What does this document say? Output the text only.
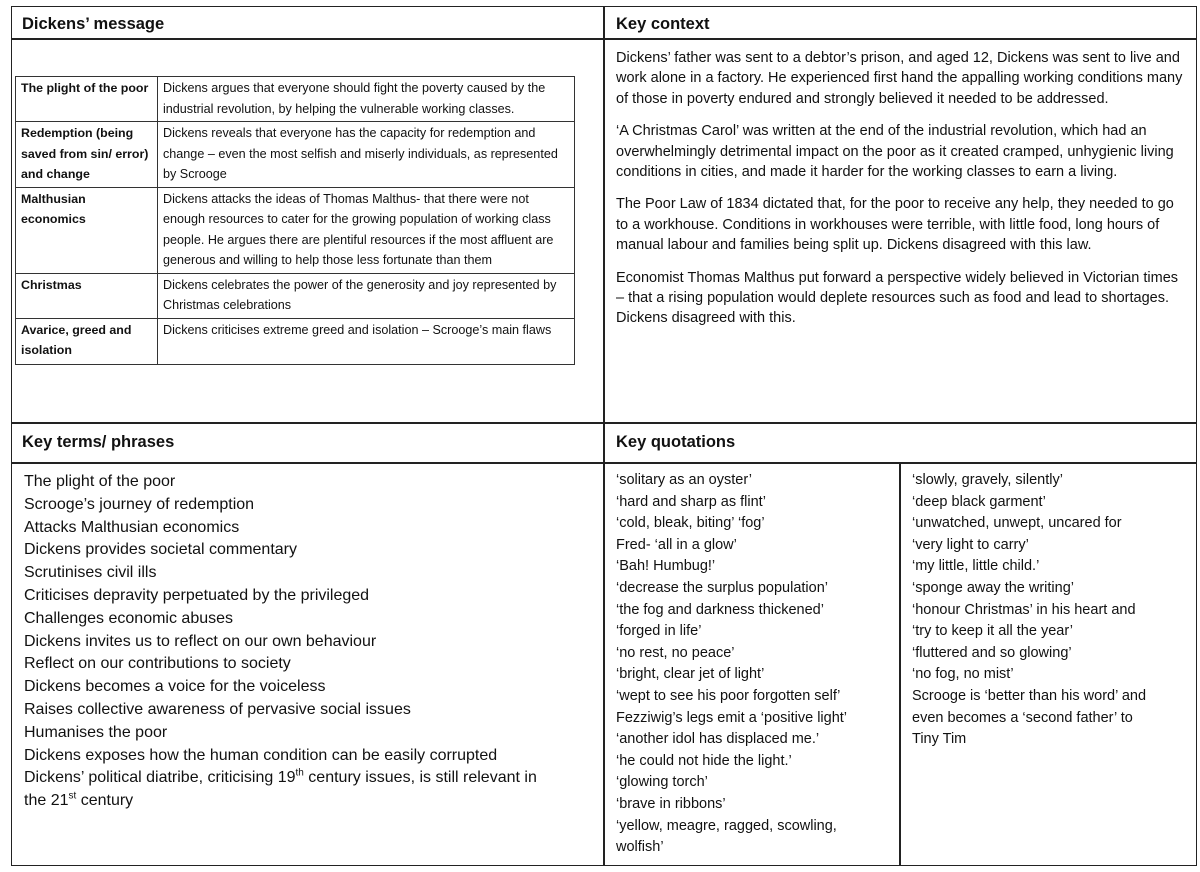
Dickens’ message	Key context
Key terms/ phrases	Key quotations
The plight of the poor	Dickens argues that everyone should fight the poverty caused by the industrial revolution, by helping the vulnerable working classes.
Redemption (being saved from sin/ error) and change	Dickens reveals that everyone has the capacity for redemption and change – even the most selfish and miserly individuals, as represented by Scrooge
Malthusian economics	Dickens attacks the ideas of Thomas Malthus- that there were not enough resources to cater for the growing population of working class people. He argues there are plentiful resources if the most affluent are generous and willing to help those less fortunate than them
Christmas	Dickens celebrates the power of the generosity and joy represented by Christmas celebrations
Avarice, greed and isolation	Dickens criticises extreme greed and isolation – Scrooge’s main flaws

Dickens’ father was sent to a debtor’s prison, and aged 12, Dickens was sent to live and work alone in a factory. He experienced first hand the appalling working conditions many of those in poverty endured and strongly believed it needed to be addressed.

‘A Christmas Carol’ was written at the end of the industrial revolution, which had an overwhelmingly detrimental impact on the poor as it created cramped, unhygienic living conditions in cities, and made it harder for the working classes to earn a living.

The Poor Law of 1834 dictated that, for the poor to receive any help, they needed to go to a workhouse. Conditions in workhouses were terrible, with little food, long hours of manual labour and families being split up. Dickens disagreed with this law.

Economist Thomas Malthus put forward a perspective widely believed in Victorian times – that a rising population would deplete resources such as food and lead to shortages. Dickens disagreed with this.

The plight of the poor
Scrooge’s journey of redemption
Attacks Malthusian economics
Dickens provides societal commentary
Scrutinises civil ills
Criticises depravity perpetuated by the privileged
Challenges economic abuses
Dickens invites us to reflect on our own behaviour
Reflect on our contributions to society
Dickens becomes a voice for the voiceless
Raises collective awareness of pervasive social issues
Humanises the poor
Dickens exposes how the human condition can be easily corrupted
Dickens’ political diatribe, criticising 19th century issues, is still relevant in
the 21st century
‘solitary as an oyster’
‘hard and sharp as flint’
‘cold, bleak, biting’ ‘fog’
Fred- ‘all in a glow’
‘Bah! Humbug!’
‘decrease the surplus population’
‘the fog and darkness thickened’
‘forged in life’
‘no rest, no peace’
‘bright, clear jet of light’
‘wept to see his poor forgotten self’
Fezziwig’s legs emit a ‘positive light’
‘another idol has displaced me.’
‘he could not hide the light.’
‘glowing torch’
‘brave in ribbons’
‘yellow, meagre, ragged, scowling,
wolfish’
‘slowly, gravely, silently’
‘deep black garment’
‘unwatched, unwept, uncared for
‘very light to carry’
‘my little, little child.’
‘sponge away the writing’
‘honour Christmas’ in his heart and
‘try to keep it all the year’
‘fluttered and so glowing’
‘no fog, no mist’
Scrooge is ‘better than his word’ and
even becomes a ‘second father’ to
Tiny Tim
